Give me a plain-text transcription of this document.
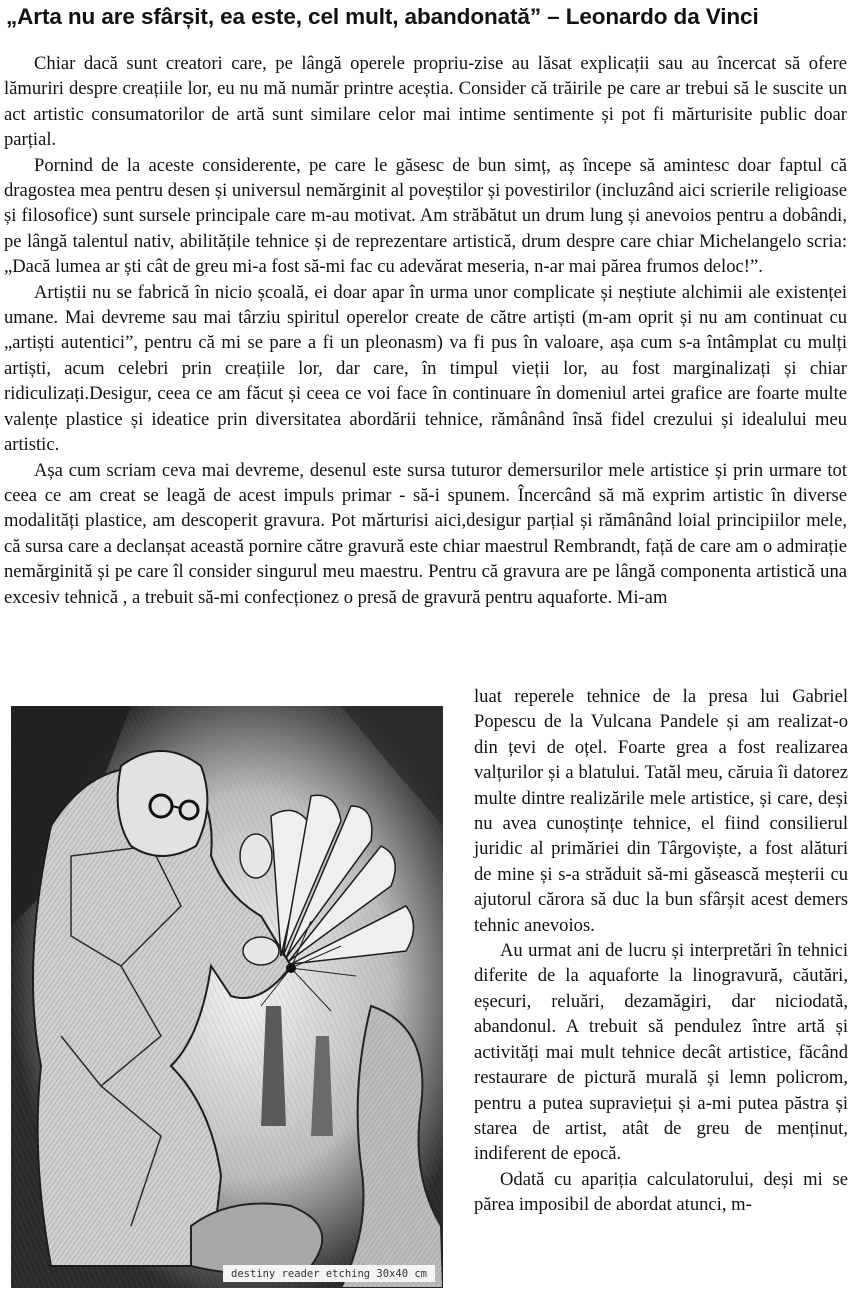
„Arta nu are sfârșit, ea este, cel mult, abandonată” – Leonardo da Vinci

Chiar dacă sunt creatori care, pe lângă operele propriu-zise au lăsat explicații sau au încercat să ofere lămuriri despre creațiile lor, eu nu mă număr printre aceștia. Consider că trăirile pe care ar trebui să le suscite un act artistic consumatorilor de artă sunt similare celor mai intime sentimente și pot fi mărturisite public doar parțial.

Pornind de la aceste considerente, pe care le găsesc de bun simț, aș începe să amintesc doar faptul că dragostea mea pentru desen și universul nemărginit al poveștilor și povestirilor (incluzând aici scrierile religioase și filosofice) sunt sursele principale care m-au motivat. Am străbătut un drum lung și anevoios pentru a dobândi, pe lângă talentul nativ, abilitățile tehnice și de reprezentare artistică, drum despre care chiar Michelangelo scria: „Dacă lumea ar ști cât de greu mi-a fost să-mi fac cu adevărat meseria, n-ar mai părea frumos deloc!”.

Artiștii nu se fabrică în nicio școală, ei doar apar în urma unor complicate și neștiute alchimii ale existenței umane. Mai devreme sau mai târziu spiritul operelor create de către artiști (m-am oprit și nu am continuat cu „artiști autentici”, pentru că mi se pare a fi un pleonasm) va fi pus în valoare, așa cum s-a întâmplat cu mulți artiști, acum celebri prin creațiile lor, dar care, în timpul vieții lor, au fost marginalizați și chiar ridiculizați.Desigur, ceea ce am făcut și ceea ce voi face în continuare în domeniul artei grafice are foarte multe valențe plastice și ideatice prin diversitatea abordării tehnice, rămânând însă fidel crezului și idealului meu artistic.

Așa cum scriam ceva mai devreme, desenul este sursa tuturor demersurilor mele artistice și prin urmare tot ceea ce am creat se leagă de acest impuls primar - să-i spunem. Încercând să mă exprim artistic în diverse modalități plastice, am descoperit gravura. Pot mărturisi aici,desigur parțial și rămânând loial principiilor mele, că sursa care a declanșat această pornire către gravură este chiar maestrul Rembrandt, față de care am o admirație nemărginită și pe care îl consider singurul meu maestru. Pentru că gravura are pe lângă componenta artistică una excesiv tehnică , a trebuit să-mi confecționez o presă de gravură pentru aquaforte. Mi-am

destiny reader etching 30x40 cm

luat reperele tehnice de la presa lui Gabriel Popescu de la Vulcana Pandele și am realizat-o din țevi de oțel. Foarte grea a fost realizarea valțurilor și a blatului. Tatăl meu, căruia îi datorez multe dintre realizările mele artistice, și care, deși nu avea cunoștințe tehnice, el fiind consilierul juridic al primăriei din Târgoviște, a fost alături de mine și s-a străduit să-mi găsească meșterii cu ajutorul cărora să duc la bun sfârșit acest demers tehnic anevoios.

Au urmat ani de lucru și interpretări în tehnici diferite de la aquaforte la linogravură, căutări, eșecuri, reluări, dezamăgiri, dar niciodată, abandonul. A trebuit să pendulez între artă și activități mai mult tehnice decât artistice, făcând restaurare de pictură murală și lemn policrom, pentru a putea supraviețui și a-mi putea păstra și starea de artist, atât de greu de menținut, indiferent de epocă.

Odată cu apariția calculatorului, deși mi se părea imposibil de abordat atunci, m-
